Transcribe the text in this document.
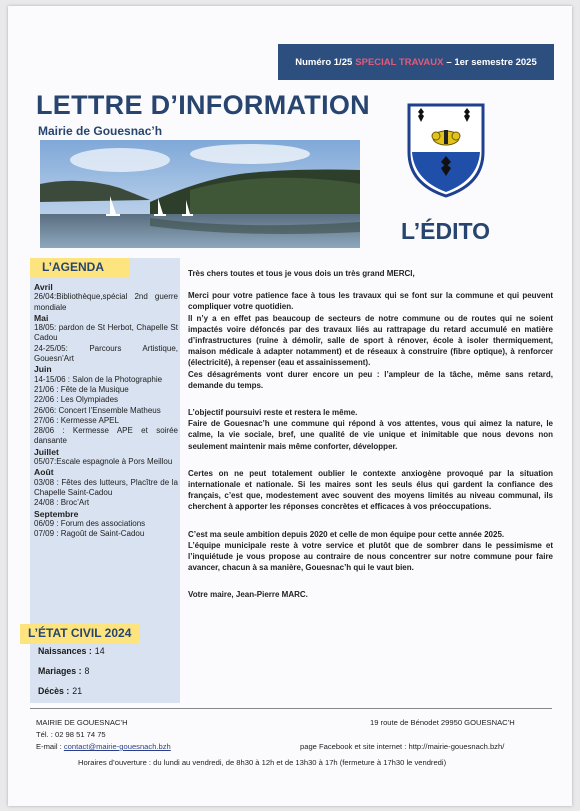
Numéro 1/25 SPECIAL TRAVAUX – 1er semestre 2025
LETTRE D’INFORMATION
Mairie de Gouesnac’h
L’ÉDITO
L’AGENDA
Avril
26/04:Bibliothèque,spécial 2nd guerre mondiale
Mai
18/05: pardon de St Herbot, Chapelle St Cadou
24-25/05: Parcours Artistique, Gouesn’Art
Juin
14-15/06 : Salon de la Photographie
21/06 : Fête de la Musique
22/06 : Les Olympiades
26/06: Concert l’Ensemble Matheus
27/06 : Kermesse APEL
28/06 : Kermesse APE et soirée dansante
Juillet
05/07:Escale espagnole à Pors Meillou
Août
03/08 : Fêtes des lutteurs, Placître de la Chapelle Saint-Cadou
24/08 : Broc’Art
Septembre
06/09 : Forum des associations
07/09 : Ragoût de Saint-Cadou
L’ÉTAT CIVIL 2024
Naissances : 14
Mariages : 8
Décès : 21

Très chers toutes et tous je vous dois un très grand MERCI,

Merci pour votre patience face à tous les travaux qui se font sur la commune et qui peuvent compliquer votre quotidien.

Il n’y a en effet pas beaucoup de secteurs de notre commune ou de routes qui ne soient impactés voire défoncés par des travaux liés au rattrapage du retard accumulé en matière d’infrastructures (ruine à démolir, salle de sport à rénover, école à isoler thermiquement, maison médicale à adapter notamment) et de réseaux à construire (fibre optique), à renforcer (électricité), à repenser (eau et assainissement).

Ces désagréments vont durer encore un peu : l’ampleur de la tâche, même sans retard, demande du temps.

L’objectif poursuivi reste et restera le même.

Faire de Gouesnac’h une commune qui répond à vos attentes, vous qui aimez la nature, le calme, la vie sociale, bref, une qualité de vie unique et inimitable que nous devons non seulement maintenir mais même conforter, développer.

Certes on ne peut totalement oublier le contexte anxiogène provoqué par la situation internationale et nationale. Si les maires sont les seuls élus qui gardent la confiance des français, c’est que, modestement avec souvent des moyens limités au niveau communal, ils cherchent à apporter les réponses concrètes et efficaces à vos préoccupations.

C’est ma seule ambition depuis 2020 et celle de mon équipe pour cette année 2025.

L’équipe municipale reste à votre service et plutôt que de sombrer dans le pessimisme et l’inquiétude je vous propose au contraire de nous concentrer sur notre commune pour faire avancer, chacun à sa manière, Gouesnac’h qui le vaut bien.

Votre maire, Jean-Pierre MARC.

MAIRIE DE GOUESNAC’H	19 route de Bénodet 29950 GOUESNAC’H
Tél. : 02 98 51 74 75
E-mail : contact@mairie-gouesnach.bzh	page Facebook et site internet : http://mairie-gouesnach.bzh/
Horaires d’ouverture : du lundi au vendredi, de 8h30 à 12h et de 13h30 à 17h (fermeture à 17h30 le vendredi)
